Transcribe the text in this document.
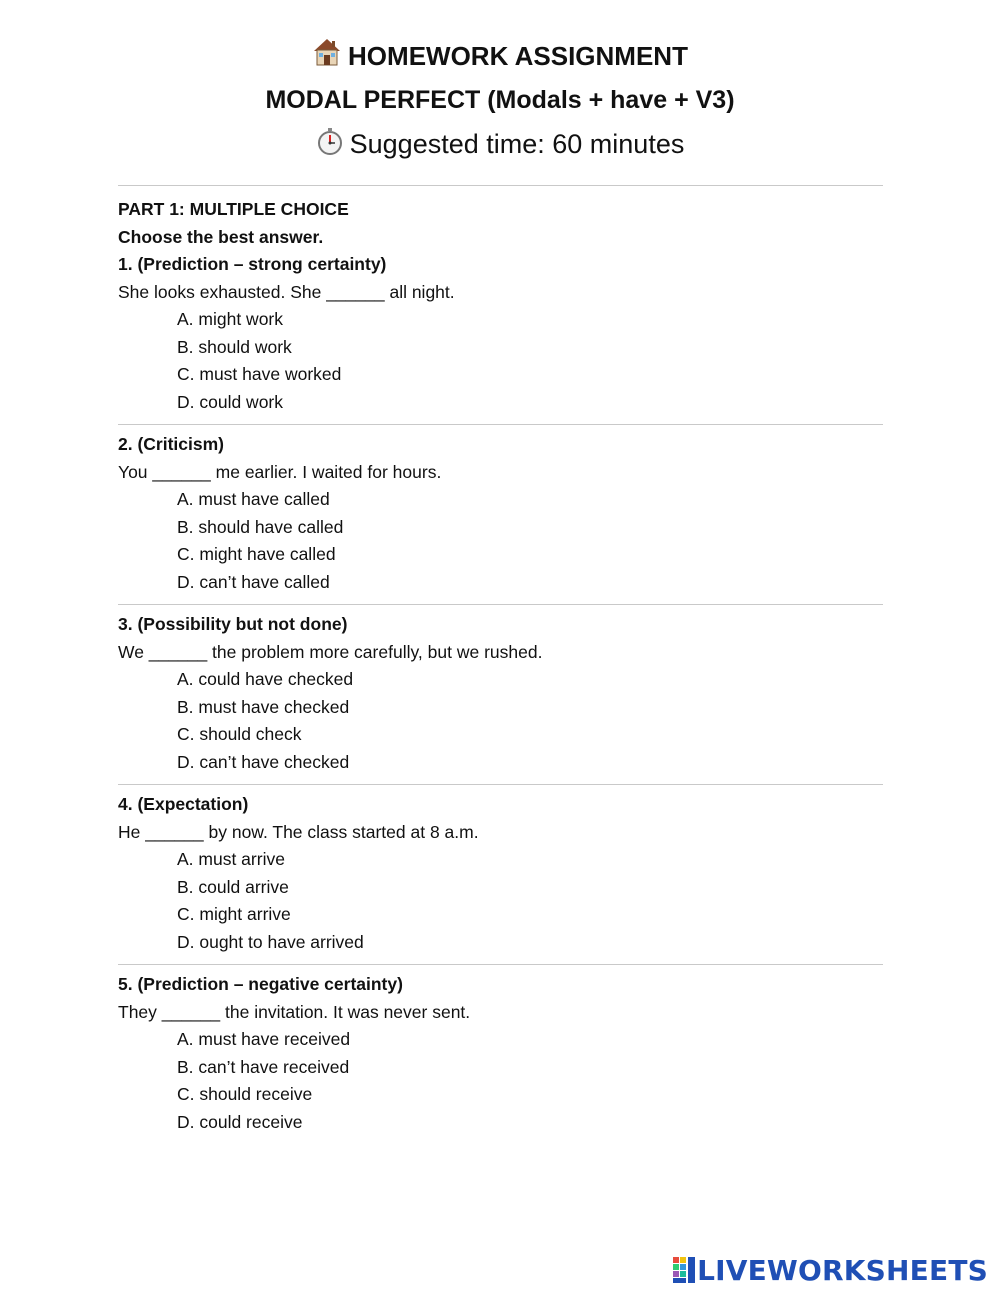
HOMEWORK ASSIGNMENT
MODAL PERFECT (Modals + have + V3)
Suggested time: 60 minutes
PART 1: MULTIPLE CHOICE
Choose the best answer.
1. (Prediction – strong certainty)
She looks exhausted. She ______ all night.
A. might work
B. should work
C. must have worked
D. could work
2. (Criticism)
You ______ me earlier. I waited for hours.
A. must have called
B. should have called
C. might have called
D. can’t have called
3. (Possibility but not done)
We ______ the problem more carefully, but we rushed.
A. could have checked
B. must have checked
C. should check
D. can’t have checked
4. (Expectation)
He ______ by now. The class started at 8 a.m.
A. must arrive
B. could arrive
C. might arrive
D. ought to have arrived
5. (Prediction – negative certainty)
They ______ the invitation. It was never sent.
A. must have received
B. can’t have received
C. should receive
D. could receive
LIVEWORKSHEETS
